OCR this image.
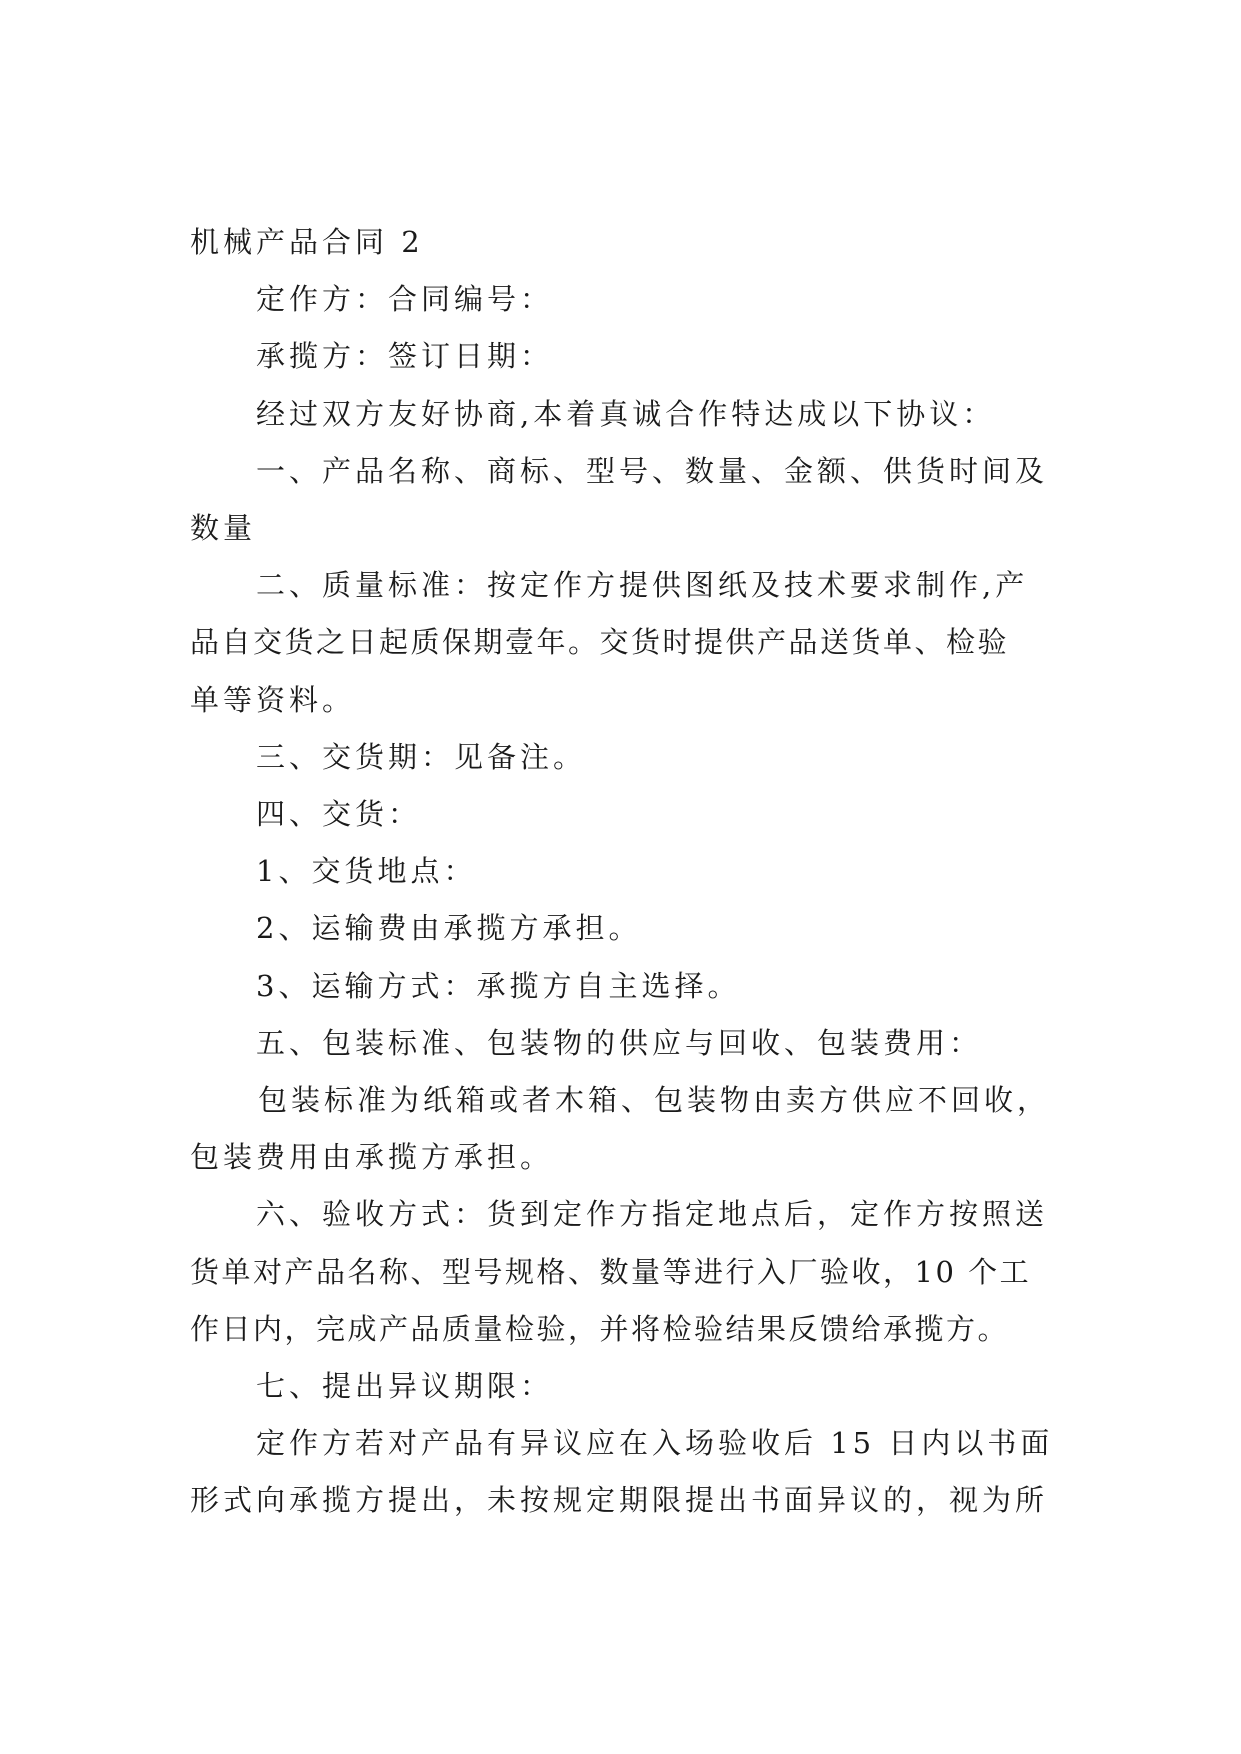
机械产品合同 2

定作方：合同编号：

承揽方：签订日期：

经过双方友好协商,本着真诚合作特达成以下协议：

一、产品名称、商标、型号、数量、金额、供货时间及

数量

二、质量标准：按定作方提供图纸及技术要求制作,产

品自交货之日起质保期壹年。交货时提供产品送货单、检验

单等资料。

三、交货期：见备注。

四、交货：

1、交货地点：

2、运输费由承揽方承担。

3、运输方式：承揽方自主选择。

五、包装标准、包装物的供应与回收、包装费用：

包装标准为纸箱或者木箱、包装物由卖方供应不回收，

包装费用由承揽方承担。

六、验收方式：货到定作方指定地点后，定作方按照送

货单对产品名称、型号规格、数量等进行入厂验收，10 个工

作日内，完成产品质量检验，并将检验结果反馈给承揽方。

七、提出异议期限：

定作方若对产品有异议应在入场验收后 15 日内以书面

形式向承揽方提出，未按规定期限提出书面异议的，视为所
